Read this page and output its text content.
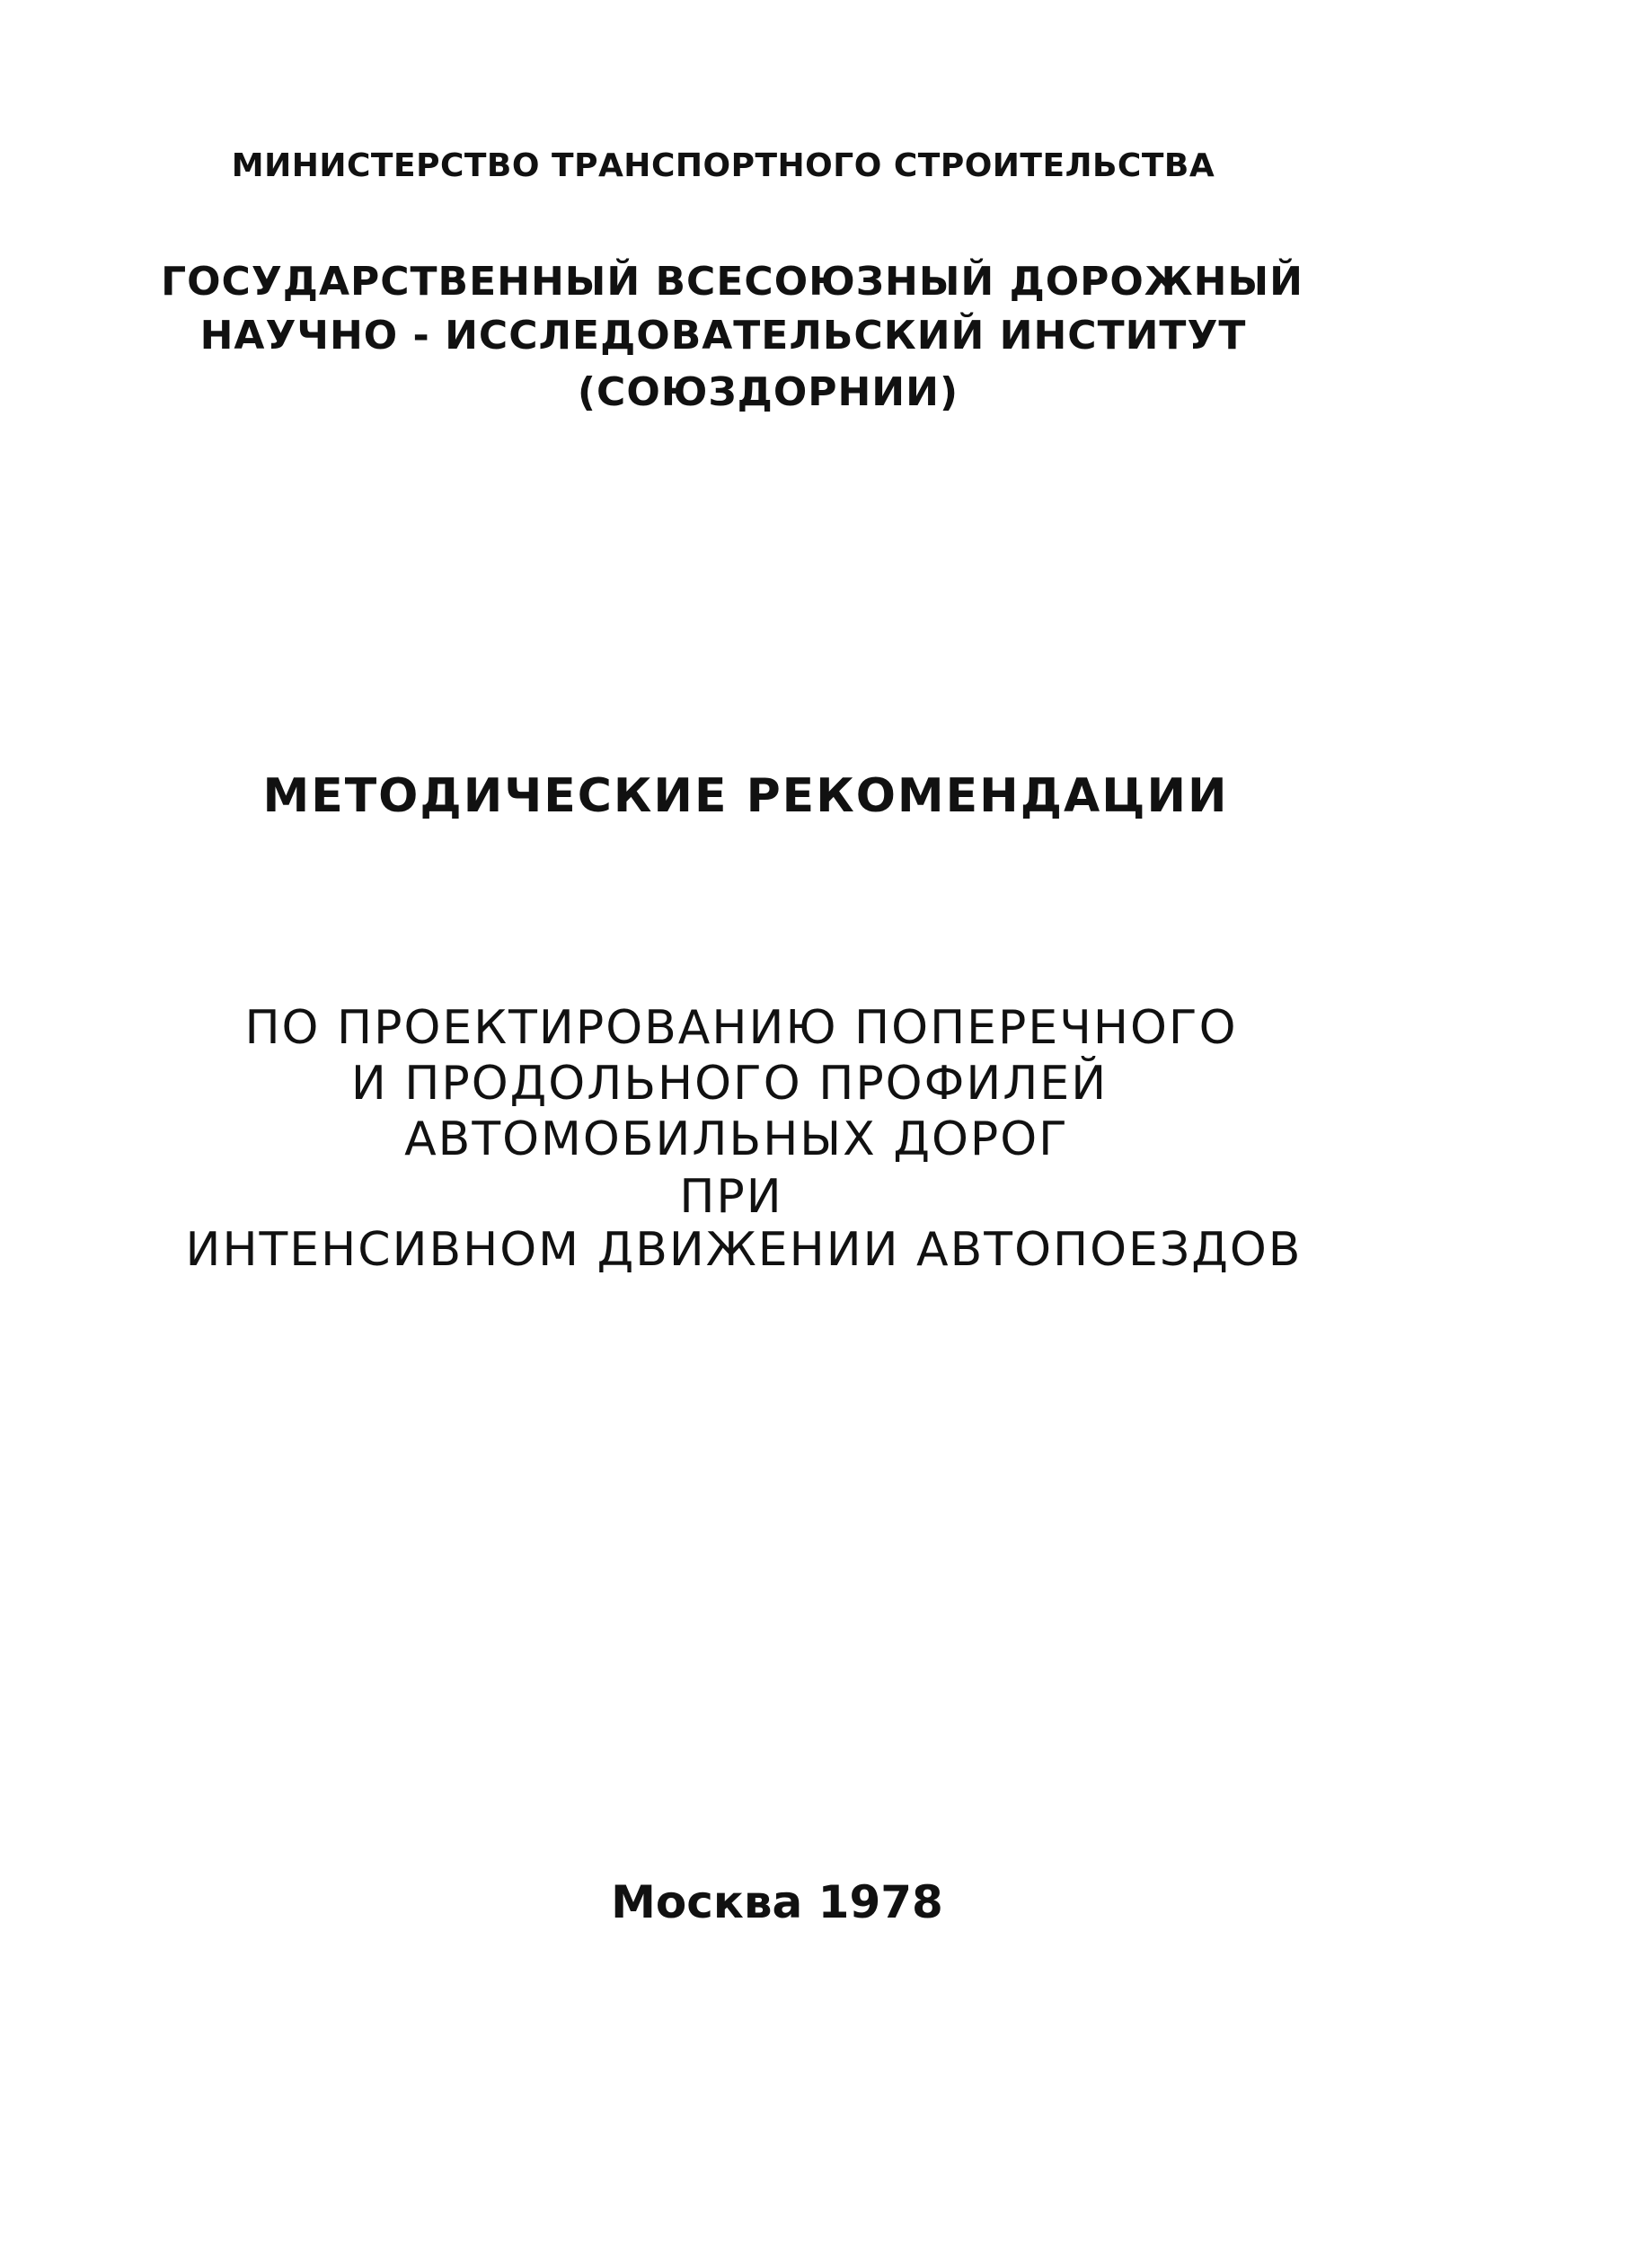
МИНИСТЕРСТВО ТРАНСПОРТНОГО СТРОИТЕЛЬСТВА
ГОСУДАРСТВЕННЫЙ ВСЕСОЮЗНЫЙ ДОРОЖНЫЙ
НАУЧНО - ИССЛЕДОВАТЕЛЬСКИЙ ИНСТИТУТ
(СОЮЗДОРНИИ)
МЕТОДИЧЕСКИЕ РЕКОМЕНДАЦИИ
ПО ПРОЕКТИРОВАНИЮ ПОПЕРЕЧНОГО
И ПРОДОЛЬНОГО ПРОФИЛЕЙ
АВТОМОБИЛЬНЫХ ДОРОГ
ПРИ
ИНТЕНСИВНОМ ДВИЖЕНИИ АВТОПОЕЗДОВ
Москва 1978
